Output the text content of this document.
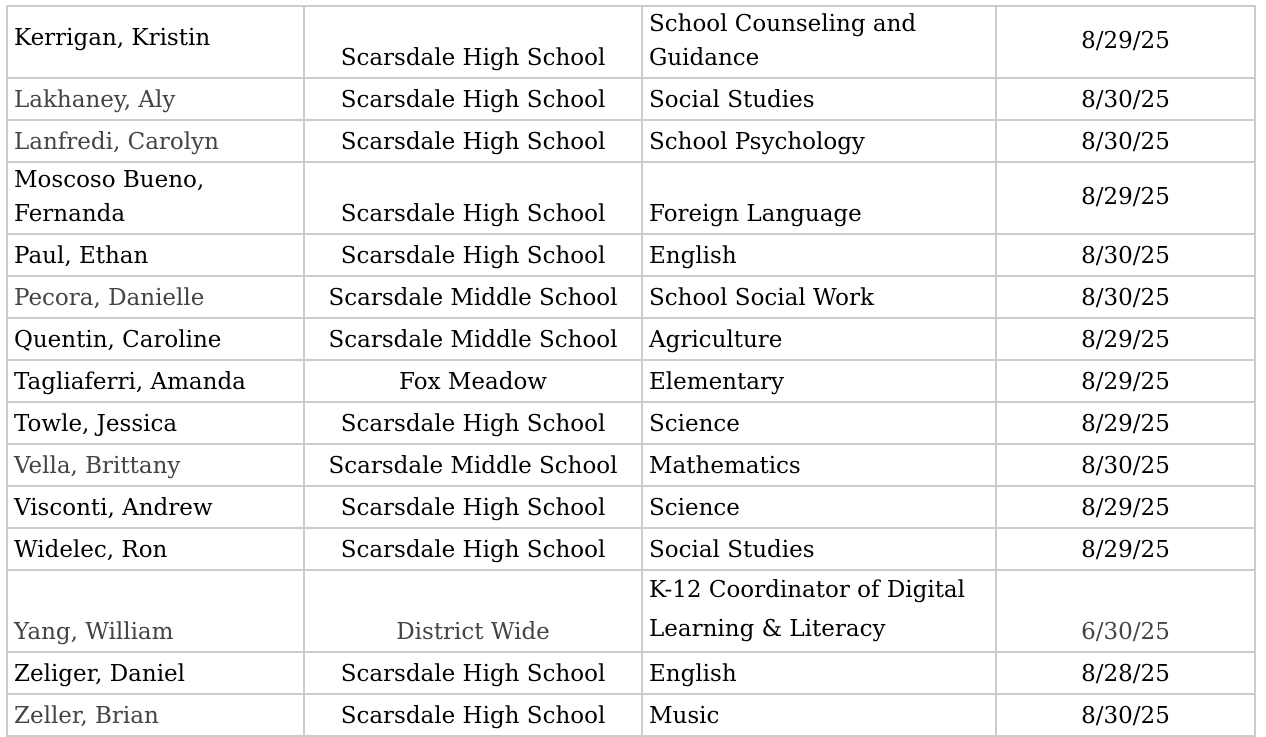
Kerrigan, Kristin	Scarsdale High School	School Counseling and Guidance	8/29/25
Lakhaney, Aly	Scarsdale High School	Social Studies	8/30/25
Lanfredi, Carolyn	Scarsdale High School	School Psychology	8/30/25
Moscoso Bueno, Fernanda	Scarsdale High School	Foreign Language	8/29/25
Paul, Ethan	Scarsdale High School	English	8/30/25
Pecora, Danielle	Scarsdale Middle School	School Social Work	8/30/25
Quentin, Caroline	Scarsdale Middle School	Agriculture	8/29/25
Tagliaferri, Amanda	Fox Meadow	Elementary	8/29/25
Towle, Jessica	Scarsdale High School	Science	8/29/25
Vella, Brittany	Scarsdale Middle School	Mathematics	8/30/25
Visconti, Andrew	Scarsdale High School	Science	8/29/25
Widelec, Ron	Scarsdale High School	Social Studies	8/29/25
Yang, William	District Wide	K-12 Coordinator of Digital Learning & Literacy	6/30/25
Zeliger, Daniel	Scarsdale High School	English	8/28/25
Zeller, Brian	Scarsdale High School	Music	8/30/25
